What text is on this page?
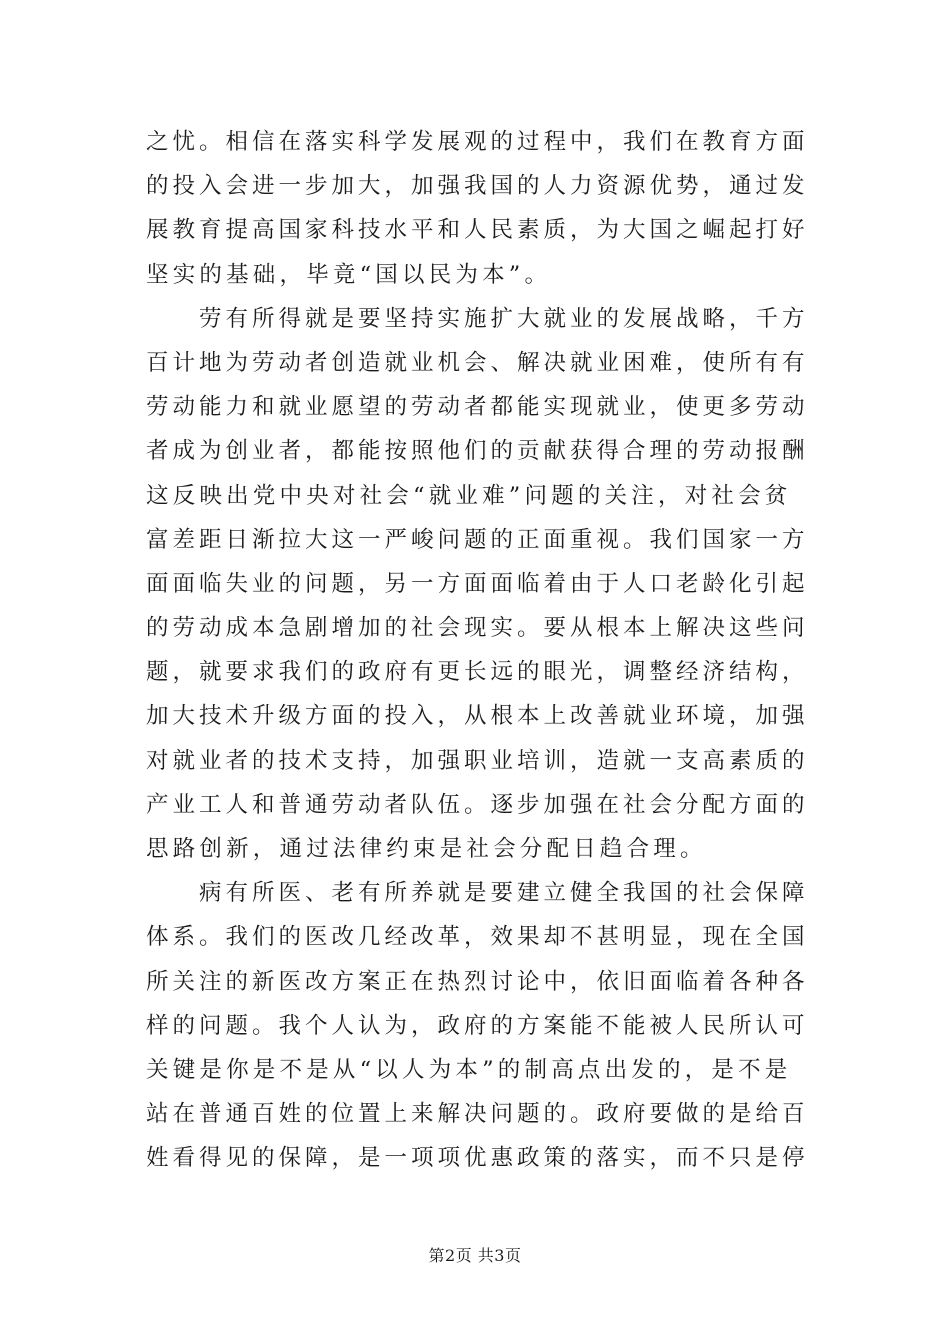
之忧。相信在落实科学发展观的过程中，我们在教育方面
的投入会进一步加大，加强我国的人力资源优势，通过发
展教育提高国家科技水平和人民素质，为大国之崛起打好
坚实的基础，毕竟“国以民为本”。
　　劳有所得就是要坚持实施扩大就业的发展战略，千方
百计地为劳动者创造就业机会、解决就业困难，使所有有
劳动能力和就业愿望的劳动者都能实现就业，使更多劳动
者成为创业者，都能按照他们的贡献获得合理的劳动报酬
这反映出党中央对社会“就业难”问题的关注，对社会贫
富差距日渐拉大这一严峻问题的正面重视。我们国家一方
面面临失业的问题，另一方面面临着由于人口老龄化引起
的劳动成本急剧增加的社会现实。要从根本上解决这些问
题，就要求我们的政府有更长远的眼光，调整经济结构，
加大技术升级方面的投入，从根本上改善就业环境，加强
对就业者的技术支持，加强职业培训，造就一支高素质的
产业工人和普通劳动者队伍。逐步加强在社会分配方面的
思路创新，通过法律约束是社会分配日趋合理。
　　病有所医、老有所养就是要建立健全我国的社会保障
体系。我们的医改几经改革，效果却不甚明显，现在全国
所关注的新医改方案正在热烈讨论中，依旧面临着各种各
样的问题。我个人认为，政府的方案能不能被人民所认可
关键是你是不是从“以人为本”的制高点出发的，是不是
站在普通百姓的位置上来解决问题的。政府要做的是给百
姓看得见的保障，是一项项优惠政策的落实，而不只是停
第2页 共3页
